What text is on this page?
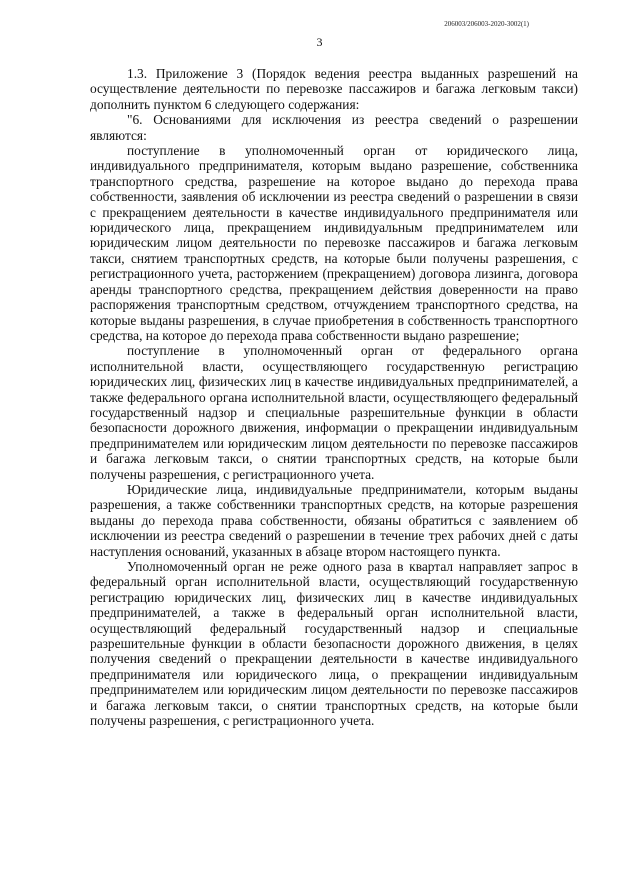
206003/206003-2020-3002(1)
3

1.3. Приложение 3 (Порядок ведения реестра выданных разрешений на осуществление деятельности по перевозке пассажиров и багажа легковым такси) дополнить пунктом 6 следующего содержания:

"6. Основаниями для исключения из реестра сведений о разрешении являются:

поступление в уполномоченный орган от юридического лица, индивидуального предпринимателя, которым выдано разрешение, собственника транспортного средства, разрешение на которое выдано до перехода права собственности, заявления об исключении из реестра сведений о разрешении в связи с прекращением деятельности в качестве индивидуального предпринимателя или юридического лица, прекращением индивидуальным предпринимателем или юридическим лицом деятельности по перевозке пассажиров и багажа легковым такси, снятием транспортных средств, на которые были получены разрешения, с регистрационного учета, расторжением (прекращением) договора лизинга, договора аренды транспортного средства, прекращением действия доверенности на право распоряжения транспортным средством, отчуждением транспортного средства, на которые выданы разрешения, в случае приобретения в собственность транспортного средства, на которое до перехода права собственности выдано разрешение;

поступление в уполномоченный орган от федерального органа исполнительной власти, осуществляющего государственную регистрацию юридических лиц, физических лиц в качестве индивидуальных предпринимателей, а также федерального органа исполнительной власти, осуществляющего федеральный государственный надзор и специальные разрешительные функции в области безопасности дорожного движения, информации о прекращении индивидуальным предпринимателем или юридическим лицом деятельности по перевозке пассажиров и багажа легковым такси, о снятии транспортных средств, на которые были получены разрешения, с регистрационного учета.

Юридические лица, индивидуальные предприниматели, которым выданы разрешения, а также собственники транспортных средств, на которые разрешения выданы до перехода права собственности, обязаны обратиться с заявлением об исключении из реестра сведений о разрешении в течение трех рабочих дней с даты наступления оснований, указанных в абзаце втором настоящего пункта.

Уполномоченный орган не реже одного раза в квартал направляет запрос в федеральный орган исполнительной власти, осуществляющий государственную регистрацию юридических лиц, физических лиц в качестве индивидуальных предпринимателей, а также в федеральный орган исполнительной власти, осуществляющий федеральный государственный надзор и специальные разрешительные функции в области безопасности дорожного движения, в целях получения сведений о прекращении деятельности в качестве индивидуального предпринимателя или юридического лица, о прекращении индивидуальным предпринимателем или юридическим лицом деятельности по перевозке пассажиров и багажа легковым такси, о снятии транспортных средств, на которые были получены разрешения, с регистрационного учета.
